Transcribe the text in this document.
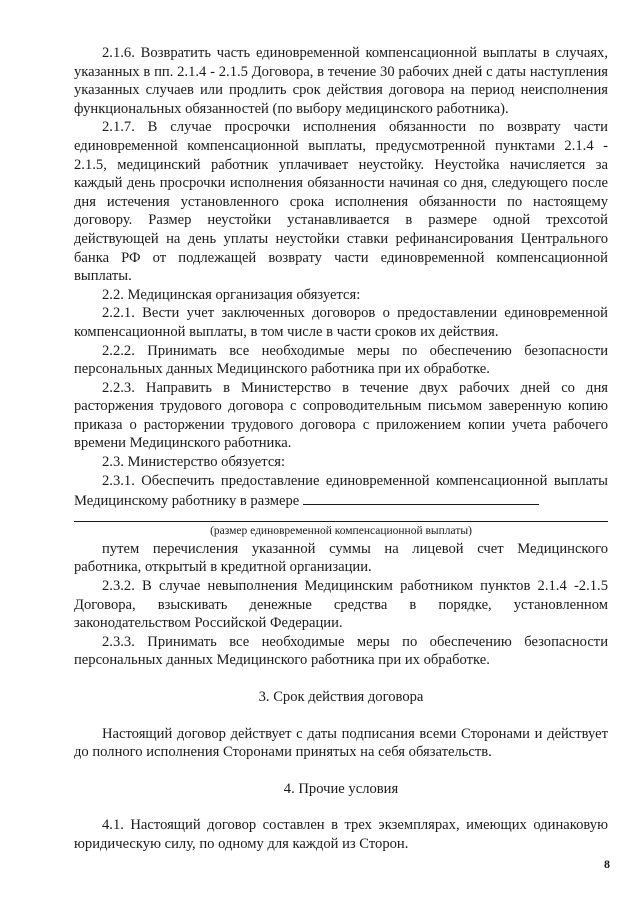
2.1.6. Возвратить часть единовременной компенсационной выплаты в случаях, указанных в пп. 2.1.4 - 2.1.5 Договора, в течение 30 рабочих дней с даты наступления указанных случаев или продлить срок действия договора на период неисполнения функциональных обязанностей (по выбору медицинского работника).

2.1.7. В случае просрочки исполнения обязанности по возврату части единовременной компенсационной выплаты, предусмотренной пунктами 2.1.4 - 2.1.5, медицинский работник уплачивает неустойку. Неустойка начисляется за каждый день просрочки исполнения обязанности начиная со дня, следующего после дня истечения установленного срока исполнения обязанности по настоящему договору. Размер неустойки устанавливается в размере одной трехсотой действующей на день уплаты неустойки ставки рефинансирования Центрального банка РФ от подлежащей возврату части единовременной компенсационной выплаты.

2.2. Медицинская организация обязуется:

2.2.1. Вести учет заключенных договоров о предоставлении единовременной компенсационной выплаты, в том числе в части сроков их действия.

2.2.2. Принимать все необходимые меры по обеспечению безопасности персональных данных Медицинского работника при их обработке.

2.2.3. Направить в Министерство в течение двух рабочих дней со дня расторжения трудового договора с сопроводительным письмом заверенную копию приказа о расторжении трудового договора с приложением копии учета рабочего времени Медицинского работника.

2.3. Министерство обязуется:

2.3.1. Обеспечить предоставление единовременной компенсационной выплаты Медицинскому работнику в размере

(размер единовременной компенсационной выплаты)

путем перечисления указанной суммы на лицевой счет Медицинского работника, открытый в кредитной организации.

2.3.2. В случае невыполнения Медицинским работником пунктов 2.1.4 -2.1.5 Договора, взыскивать денежные средства в порядке, установленном законодательством Российской Федерации.

2.3.3. Принимать все необходимые меры по обеспечению безопасности персональных данных Медицинского работника при их обработке.

3. Срок действия договора

Настоящий договор действует с даты подписания всеми Сторонами и действует до полного исполнения Сторонами принятых на себя обязательств.

4. Прочие условия

4.1. Настоящий договор составлен в трех экземплярах, имеющих одинаковую юридическую силу, по одному для каждой из Сторон.

8
